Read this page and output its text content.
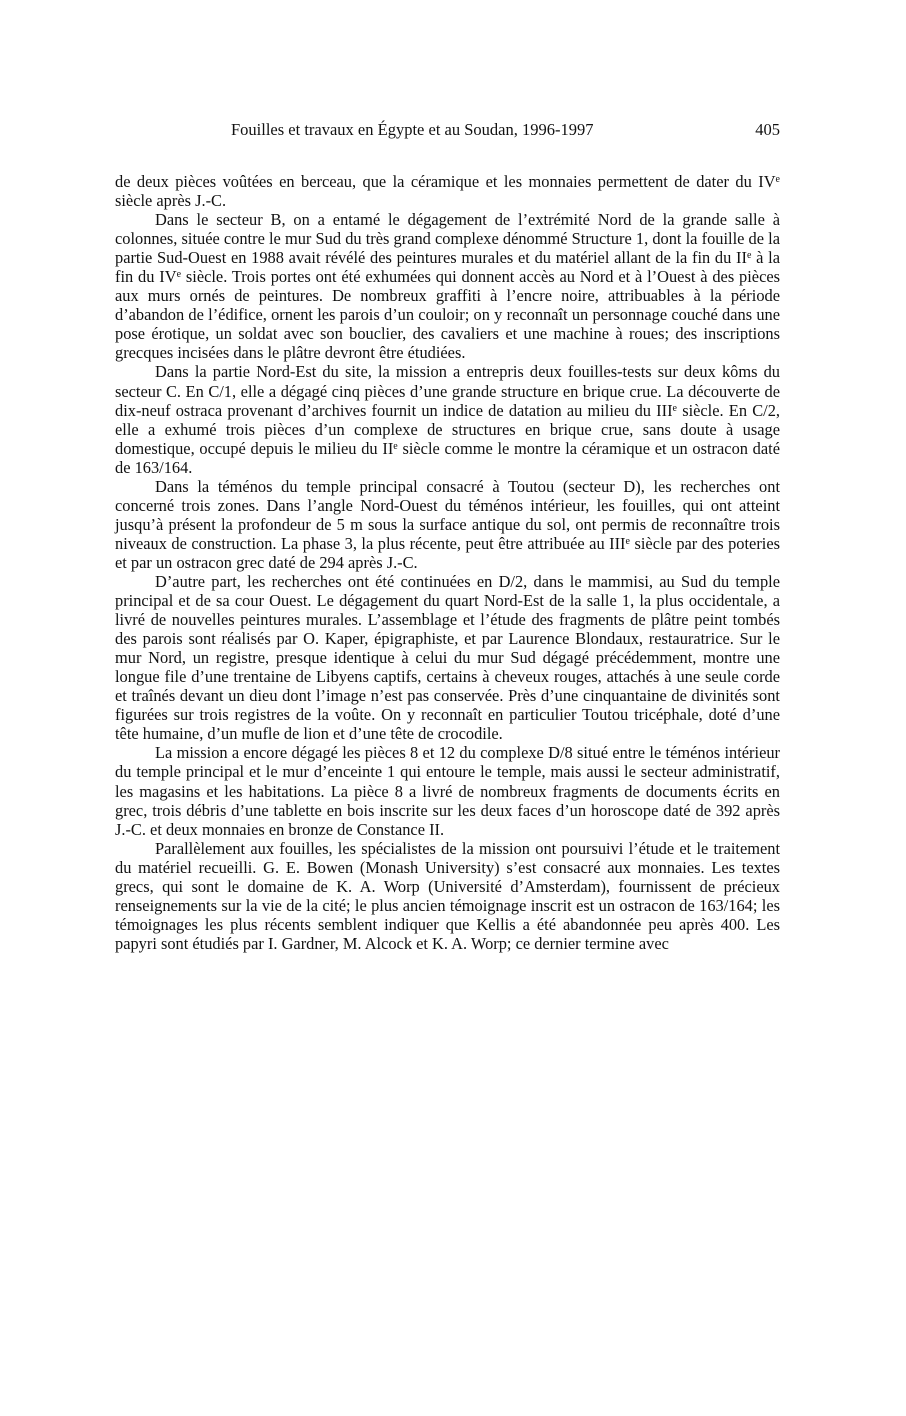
Fouilles et travaux en Égypte et au Soudan, 1996-1997	405

de deux pièces voûtées en berceau, que la céramique et les monnaies permettent de dater du IVe siècle après J.-C.

Dans le secteur B, on a entamé le dégagement de l’extrémité Nord de la grande salle à colonnes, située contre le mur Sud du très grand complexe dénommé Structure 1, dont la fouille de la partie Sud-Ouest en 1988 avait révélé des peintures murales et du matériel allant de la fin du IIe à la fin du IVe siècle. Trois portes ont été exhumées qui donnent accès au Nord et à l’Ouest à des pièces aux murs ornés de peintures. De nombreux graffiti à l’encre noire, attribuables à la période d’abandon de l’édifice, ornent les parois d’un couloir; on y reconnaît un personnage couché dans une pose érotique, un soldat avec son bouclier, des cavaliers et une machine à roues; des inscriptions grecques incisées dans le plâtre devront être étudiées.

Dans la partie Nord-Est du site, la mission a entrepris deux fouilles-tests sur deux kôms du secteur C. En C/1, elle a dégagé cinq pièces d’une grande structure en brique crue. La découverte de dix-neuf ostraca provenant d’archives fournit un indice de datation au milieu du IIIe siècle. En C/2, elle a exhumé trois pièces d’un complexe de structures en brique crue, sans doute à usage domestique, occupé depuis le milieu du IIe siècle comme le montre la céramique et un ostracon daté de 163/164.

Dans la téménos du temple principal consacré à Toutou (secteur D), les recherches ont concerné trois zones. Dans l’angle Nord-Ouest du téménos intérieur, les fouilles, qui ont atteint jusqu’à présent la profondeur de 5 m sous la surface antique du sol, ont permis de reconnaître trois niveaux de construction. La phase 3, la plus récente, peut être attribuée au IIIe siècle par des poteries et par un ostracon grec daté de 294 après J.-C.

D’autre part, les recherches ont été continuées en D/2, dans le mammisi, au Sud du temple principal et de sa cour Ouest. Le dégagement du quart Nord-Est de la salle 1, la plus occidentale, a livré de nouvelles peintures murales. L’assemblage et l’étude des fragments de plâtre peint tombés des parois sont réalisés par O. Kaper, épigraphiste, et par Laurence Blondaux, restauratrice. Sur le mur Nord, un registre, presque identique à celui du mur Sud dégagé précédemment, montre une longue file d’une trentaine de Libyens captifs, certains à cheveux rouges, attachés à une seule corde et traînés devant un dieu dont l’image n’est pas conservée. Près d’une cinquantaine de divinités sont figurées sur trois registres de la voûte. On y reconnaît en particulier Toutou tricéphale, doté d’une tête humaine, d’un mufle de lion et d’une tête de crocodile.

La mission a encore dégagé les pièces 8 et 12 du complexe D/8 situé entre le téménos intérieur du temple principal et le mur d’enceinte 1 qui entoure le temple, mais aussi le secteur administratif, les magasins et les habitations. La pièce 8 a livré de nombreux fragments de documents écrits en grec, trois débris d’une tablette en bois inscrite sur les deux faces d’un horoscope daté de 392 après J.-C. et deux monnaies en bronze de Constance II.

Parallèlement aux fouilles, les spécialistes de la mission ont poursuivi l’étude et le traitement du matériel recueilli. G. E. Bowen (Monash University) s’est consacré aux monnaies. Les textes grecs, qui sont le domaine de K. A. Worp (Université d’Amsterdam), fournissent de précieux renseignements sur la vie de la cité; le plus ancien témoignage inscrit est un ostracon de 163/164; les témoignages les plus récents semblent indiquer que Kellis a été abandonnée peu après 400. Les papyri sont étudiés par I. Gardner, M. Alcock et K. A. Worp; ce dernier termine avec
